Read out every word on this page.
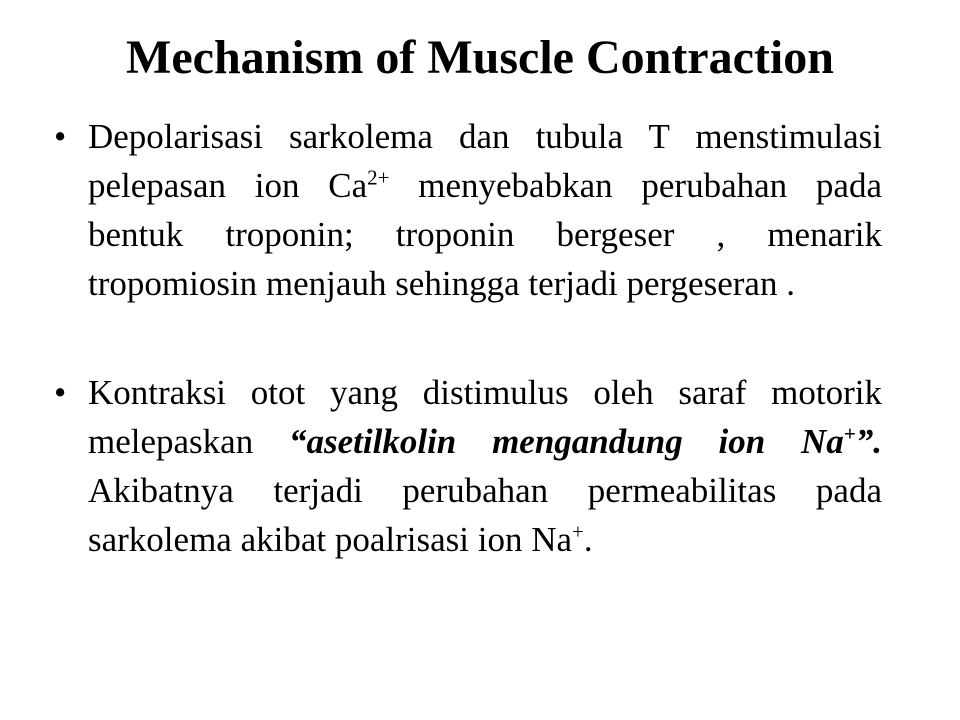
Mechanism of Muscle Contraction
• Depolarisasi sarkolema dan tubula T menstimulasi pelepasan ion $Ca^{2+}$ menyebabkan perubahan pada bentuk troponin; troponin bergeser , menarik tropomiosin menjauh sehingga terjadi pergeseran .
• Kontraksi otot yang distimulus oleh saraf motorik melepaskan “asetilkolin mengandung ion Na+”. Akibatnya terjadi perubahan permeabilitas pada sarkolema akibat poalrisasi ion Na+.
